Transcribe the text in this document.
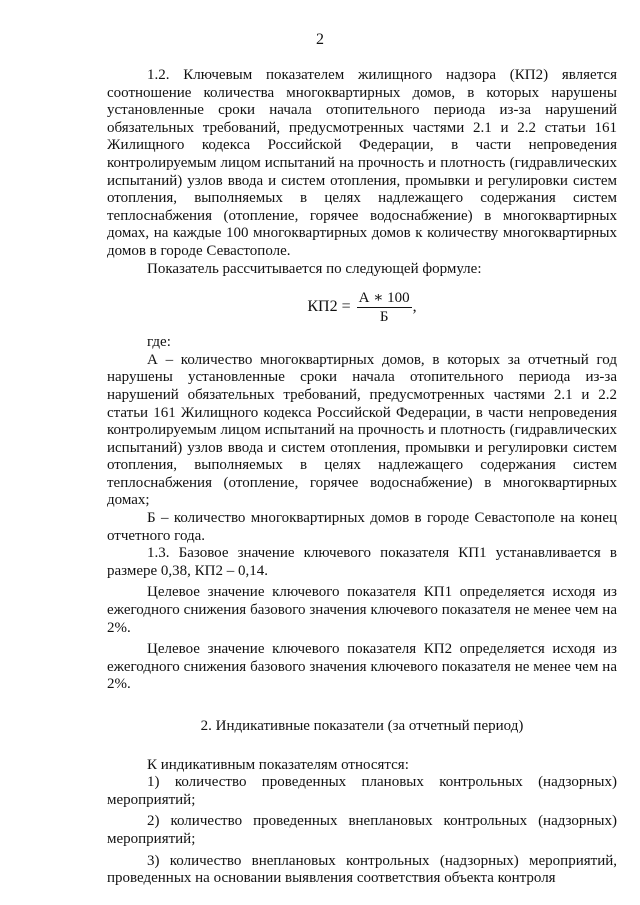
2

1.2. Ключевым показателем жилищного надзора (КП2) является соотношение количества многоквартирных домов, в которых нарушены установленные сроки начала отопительного периода из-за нарушений обязательных требований, предусмотренных частями 2.1 и 2.2 статьи 161 Жилищного кодекса Российской Федерации, в части непроведения контролируемым лицом испытаний на прочность и плотность (гидравлических испытаний) узлов ввода и систем отопления, промывки и регулировки систем отопления, выполняемых в целях надлежащего содержания систем теплоснабжения (отопление, горячее водоснабжение) в многоквартирных домах, на каждые 100 многоквартирных домов к количеству многоквартирных домов в городе Севастополе.

Показатель рассчитывается по следующей формуле:

$КП2 = \frac{А ∗ 100}{Б}$ ,

где:

А – количество многоквартирных домов, в которых за отчетный год нарушены установленные сроки начала отопительного периода из-за нарушений обязательных требований, предусмотренных частями 2.1 и 2.2 статьи 161 Жилищного кодекса Российской Федерации, в части непроведения контролируемым лицом испытаний на прочность и плотность (гидравлических испытаний) узлов ввода и систем отопления, промывки и регулировки систем отопления, выполняемых в целях надлежащего содержания систем теплоснабжения (отопление, горячее водоснабжение) в многоквартирных домах;

Б – количество многоквартирных домов в городе Севастополе на конец отчетного года.

1.3. Базовое значение ключевого показателя КП1 устанавливается в размере 0,38, КП2 – 0,14.

Целевое значение ключевого показателя КП1 определяется исходя из ежегодного снижения базового значения ключевого показателя не менее чем на 2%.

Целевое значение ключевого показателя КП2 определяется исходя из ежегодного снижения базового значения ключевого показателя не менее чем на 2%.

2. Индикативные показатели (за отчетный период)

К индикативным показателям относятся:

1) количество проведенных плановых контрольных (надзорных) мероприятий;

2) количество проведенных внеплановых контрольных (надзорных) мероприятий;

3) количество внеплановых контрольных (надзорных) мероприятий, проведенных на основании выявления соответствия объекта контроля
